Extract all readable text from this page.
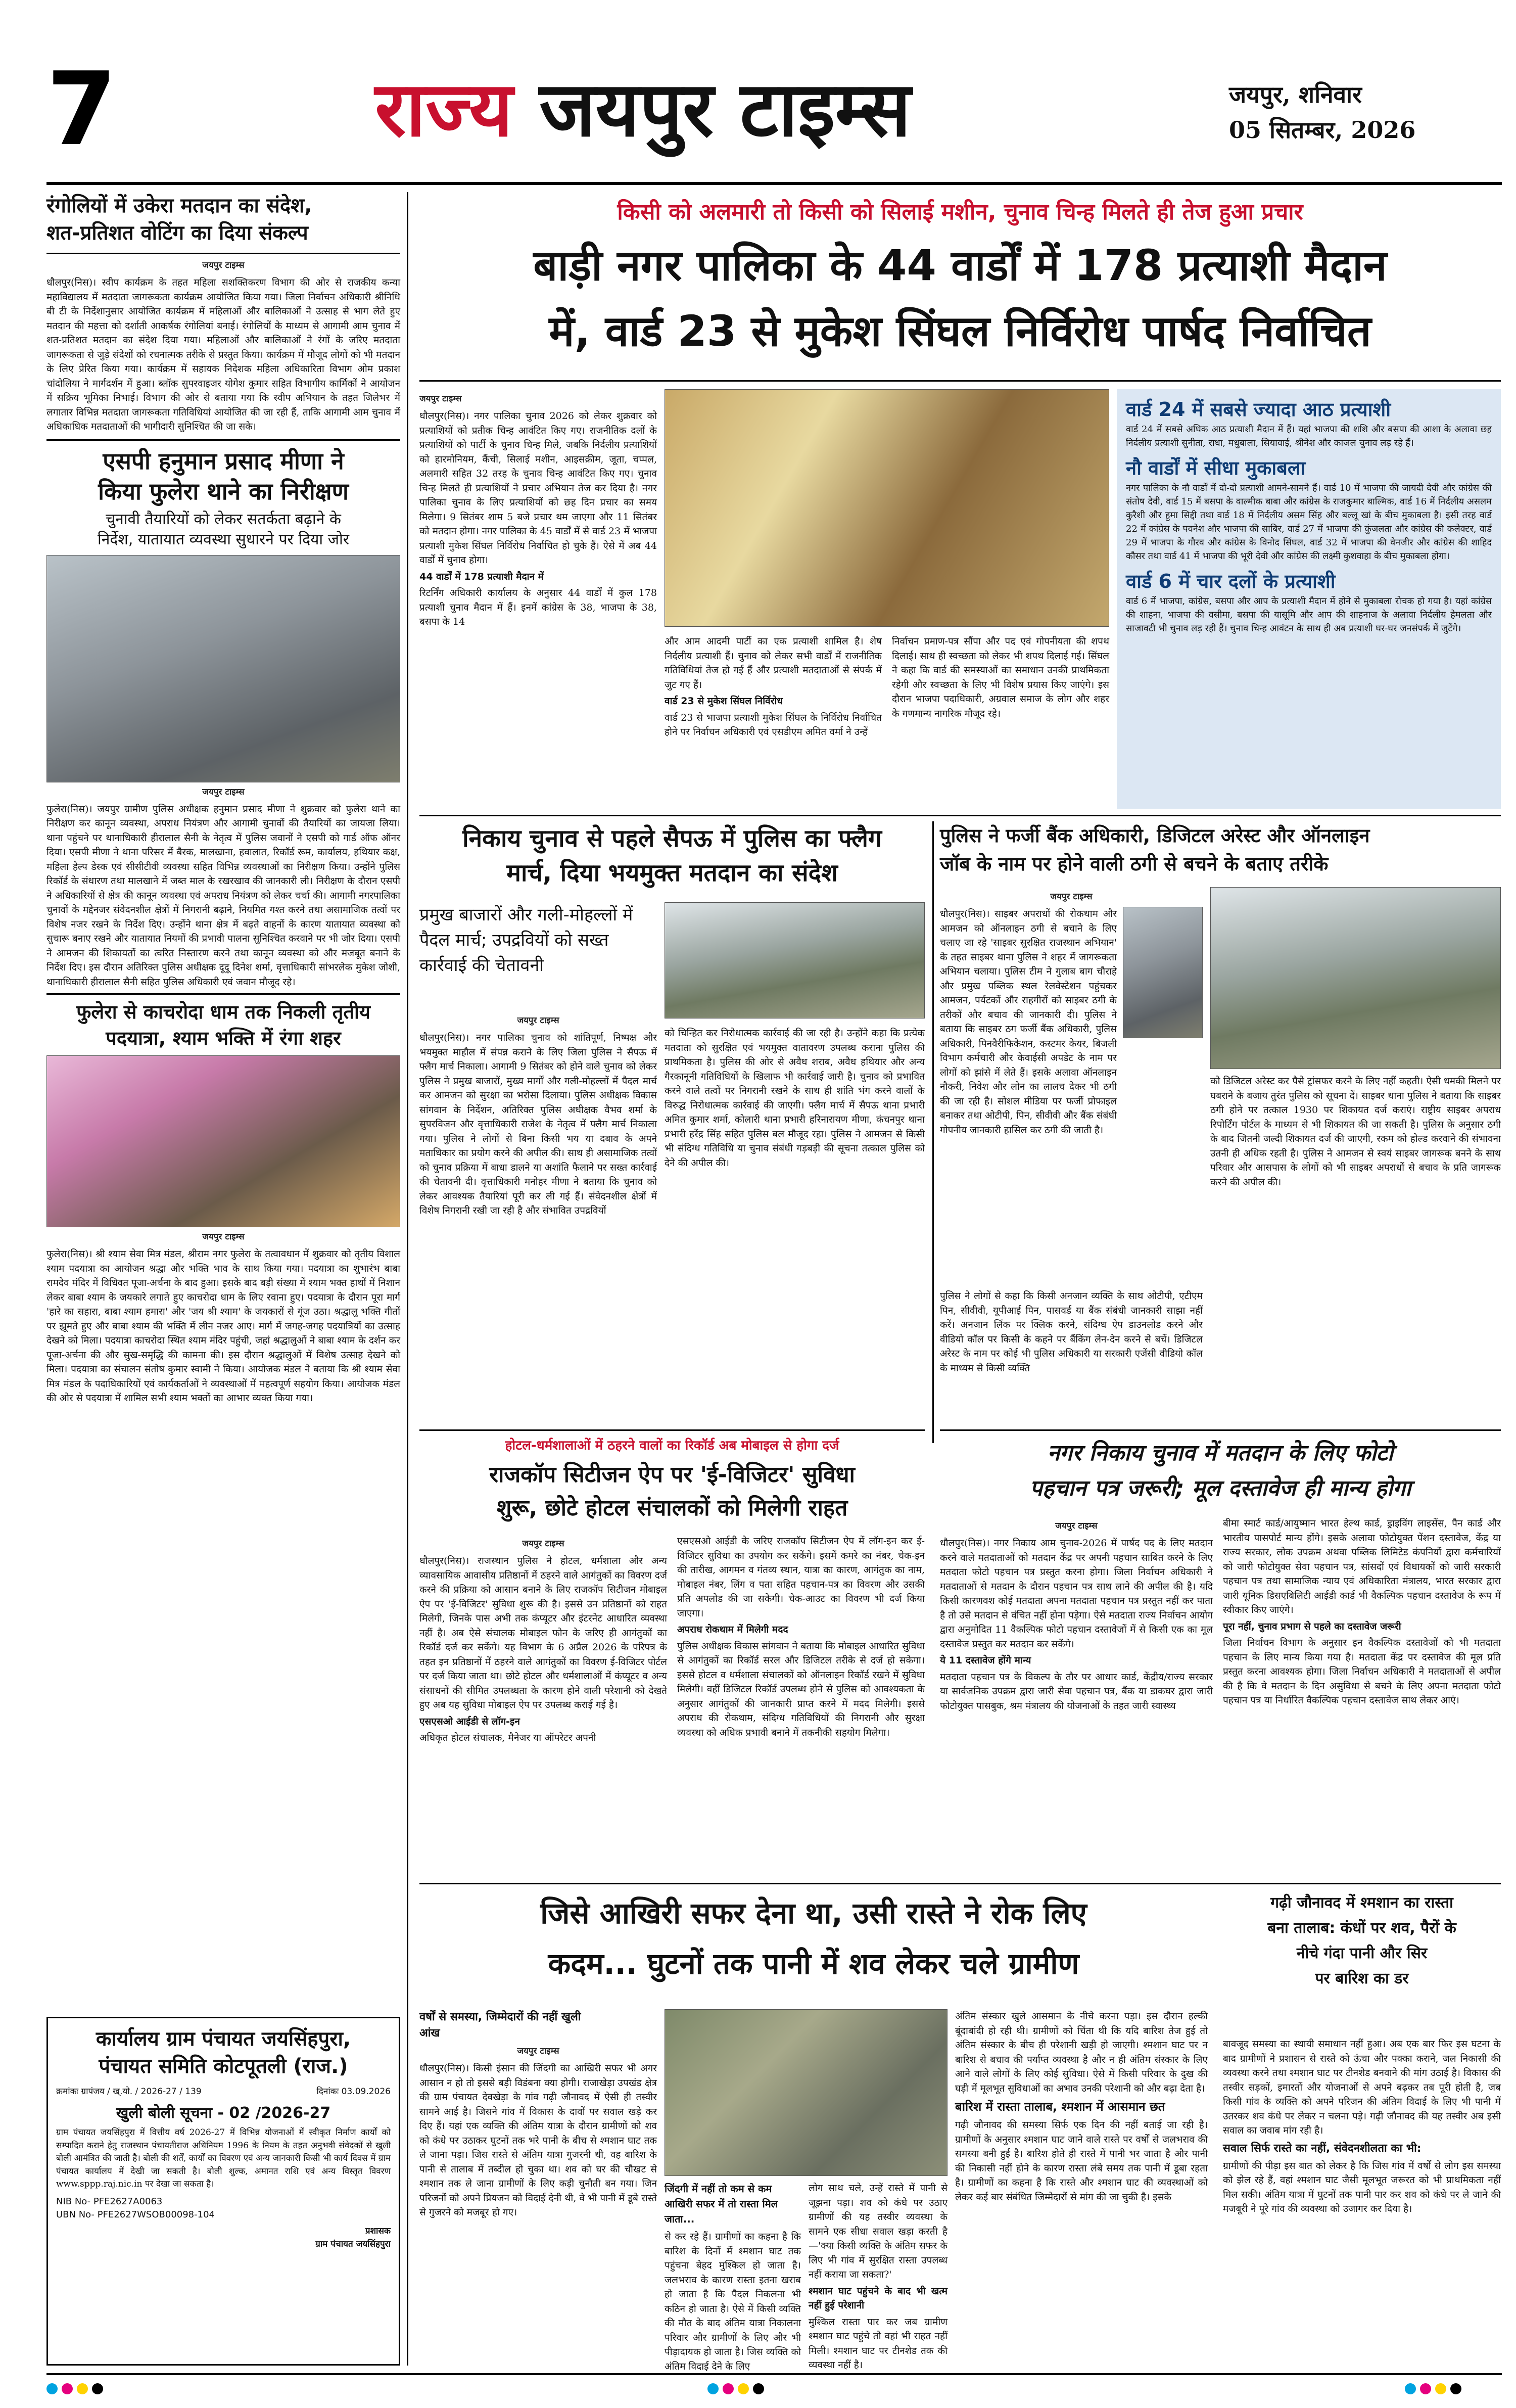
7	राज्य जयपुर टाइम्स	जयपुर, शनिवार
05 सितम्बर, 2026
रंगोलियों में उकेरा मतदान का संदेश,
शत-प्रतिशत वोटिंग का दिया संकल्प
जयपुर टाइम्स
धौलपुर(निस)। स्वीप कार्यक्रम के तहत महिला सशक्तिकरण विभाग की ओर से राजकीय कन्या महाविद्यालय में मतदाता जागरूकता कार्यक्रम आयोजित किया गया। जिला निर्वाचन अधिकारी श्रीनिधि बी टी के निर्देशानुसार आयोजित कार्यक्रम में महिलाओं और बालिकाओं ने उत्साह से भाग लेते हुए मतदान की महत्ता को दर्शाती आकर्षक रंगोलियां बनाई। रंगोलियों के माध्यम से आगामी आम चुनाव में शत-प्रतिशत मतदान का संदेश दिया गया। महिलाओं और बालिकाओं ने रंगों के जरिए मतदाता जागरूकता से जुड़े संदेशों को रचनात्मक तरीके से प्रस्तुत किया। कार्यक्रम में मौजूद लोगों को भी मतदान के लिए प्रेरित किया गया। कार्यक्रम में सहायक निदेशक महिला अधिकारिता विभाग ओम प्रकाश चांदोलिया ने मार्गदर्शन में हुआ। ब्लॉक सुपरवाइजर योगेश कुमार सहित विभागीय कार्मिकों ने आयोजन में सक्रिय भूमिका निभाई। विभाग की ओर से बताया गया कि स्वीप अभियान के तहत जिलेभर में लगातार विभिन्न मतदाता जागरूकता गतिविधियां आयोजित की जा रही हैं, ताकि आगामी आम चुनाव में अधिकाधिक मतदाताओं की भागीदारी सुनिश्चित की जा सके।
एसपी हनुमान प्रसाद मीणा ने
किया फुलेरा थाने का निरीक्षण
चुनावी तैयारियों को लेकर सतर्कता बढ़ाने के
निर्देश, यातायात व्यवस्था सुधारने पर दिया जोर
जयपुर टाइम्स
फुलेरा(निस)। जयपुर ग्रामीण पुलिस अधीक्षक हनुमान प्रसाद मीणा ने शुक्रवार को फुलेरा थाने का निरीक्षण कर कानून व्यवस्था, अपराध नियंत्रण और आगामी चुनावों की तैयारियों का जायजा लिया। थाना पहुंचने पर थानाधिकारी हीरालाल सैनी के नेतृत्व में पुलिस जवानों ने एसपी को गार्ड ऑफ ऑनर दिया। एसपी मीणा ने थाना परिसर में बैरक, मालखाना, हवालात, रिकॉर्ड रूम, कार्यालय, हथियार कक्ष, महिला हेल्प डेस्क एवं सीसीटीवी व्यवस्था सहित विभिन्न व्यवस्थाओं का निरीक्षण किया। उन्होंने पुलिस रिकॉर्ड के संधारण तथा मालखाने में जब्त माल के रखरखाव की जानकारी ली। निरीक्षण के दौरान एसपी ने अधिकारियों से क्षेत्र की कानून व्यवस्था एवं अपराध नियंत्रण को लेकर चर्चा की। आगामी नगरपालिका चुनावों के मद्देनजर संवेदनशील क्षेत्रों में निगरानी बढ़ाने, नियमित गश्त करने तथा असामाजिक तत्वों पर विशेष नजर रखने के निर्देश दिए। उन्होंने थाना क्षेत्र में बढ़ते वाहनों के कारण यातायात व्यवस्था को सुचारू बनाए रखने और यातायात नियमों की प्रभावी पालना सुनिश्चित करवाने पर भी जोर दिया। एसपी ने आमजन की शिकायतों का त्वरित निस्तारण करने तथा कानून व्यवस्था को और मजबूत बनाने के निर्देश दिए। इस दौरान अतिरिक्त पुलिस अधीक्षक दूदू दिनेश शर्मा, वृत्ताधिकारी सांभरलेक मुकेश जोशी, थानाधिकारी हीरालाल सैनी सहित पुलिस अधिकारी एवं जवान मौजूद रहे।
फुलेरा से काचरोदा धाम तक निकली तृतीय
पदयात्रा, श्याम भक्ति में रंगा शहर
जयपुर टाइम्स
फुलेरा(निस)। श्री श्याम सेवा मित्र मंडल, श्रीराम नगर फुलेरा के तत्वावधान में शुक्रवार को तृतीय विशाल श्याम पदयात्रा का आयोजन श्रद्धा और भक्ति भाव के साथ किया गया। पदयात्रा का शुभारंभ बाबा रामदेव मंदिर में विधिवत पूजा-अर्चना के बाद हुआ। इसके बाद बड़ी संख्या में श्याम भक्त हाथों में निशान लेकर बाबा श्याम के जयकारे लगाते हुए काचरोदा धाम के लिए रवाना हुए। पदयात्रा के दौरान पूरा मार्ग 'हारे का सहारा, बाबा श्याम हमारा' और 'जय श्री श्याम' के जयकारों से गूंज उठा। श्रद्धालु भक्ति गीतों पर झूमते हुए और बाबा श्याम की भक्ति में लीन नजर आए। मार्ग में जगह-जगह पदयात्रियों का उत्साह देखने को मिला। पदयात्रा काचरोदा स्थित श्याम मंदिर पहुंची, जहां श्रद्धालुओं ने बाबा श्याम के दर्शन कर पूजा-अर्चना की और सुख-समृद्धि की कामना की। इस दौरान श्रद्धालुओं में विशेष उत्साह देखने को मिला। पदयात्रा का संचालन संतोष कुमार स्वामी ने किया। आयोजक मंडल ने बताया कि श्री श्याम सेवा मित्र मंडल के पदाधिकारियों एवं कार्यकर्ताओं ने व्यवस्थाओं में महत्वपूर्ण सहयोग किया। आयोजक मंडल की ओर से पदयात्रा में शामिल सभी श्याम भक्तों का आभार व्यक्त किया गया।
कार्यालय ग्राम पंचायत जयसिंहपुरा,
पंचायत समिति कोटपूतली (राज.)
क्रमांकः ग्रापंजय / ख्.यो. / 2026-27 / 139	दिनांकः 03.09.2026
खुली बोली सूचना - 02 /2026-27
ग्राम पंचायत जयसिंहपुरा में वित्तीय वर्ष 2026-27 में विभिन्न योजनाओं में स्वीकृत निर्माण कार्यों को सम्पादित कराने हेतु राजस्थान पंचायतीराज अधिनियम 1996 के नियम के तहत अनुभवी संवेदकों से खुली बोली आमंत्रित की जाती है। बोली की शर्तें, कार्यों का विवरण एवं अन्य जानकारी किसी भी कार्य दिवस में ग्राम पंचायत कार्यालय में देखी जा सकती है। बोली शुल्क, अमानत राशि एवं अन्य विस्तृत विवरण www.sppp.raj.nic.in पर देखा जा सकता है।
NIB No- PFE2627A0063
UBN No- PFE2627WSOB00098-104
प्रशासक
ग्राम पंचायत जयसिंहपुरा
किसी को अलमारी तो किसी को सिलाई मशीन, चुनाव चिन्ह मिलते ही तेज हुआ प्रचार
बाड़ी नगर पालिका के 44 वार्डों में 178 प्रत्याशी मैदान
में, वार्ड 23 से मुकेश सिंघल निर्विरोध पार्षद निर्वाचित
जयपुर टाइम्स

धौलपुर(निस)। नगर पालिका चुनाव 2026 को लेकर शुक्रवार को प्रत्याशियों को प्रतीक चिन्ह आवंटित किए गए। राजनीतिक दलों के प्रत्याशियों को पार्टी के चुनाव चिन्ह मिले, जबकि निर्दलीय प्रत्याशियों को हारमोनियम, कैंची, सिलाई मशीन, आइसक्रीम, जूता, चप्पल, अलमारी सहित 32 तरह के चुनाव चिन्ह आवंटित किए गए। चुनाव चिन्ह मिलते ही प्रत्याशियों ने प्रचार अभियान तेज कर दिया है। नगर पालिका चुनाव के लिए प्रत्याशियों को छह दिन प्रचार का समय मिलेगा। 9 सितंबर शाम 5 बजे प्रचार थम जाएगा और 11 सितंबर को मतदान होगा। नगर पालिका के 45 वार्डों में से वार्ड 23 में भाजपा प्रत्याशी मुकेश सिंघल निर्विरोध निर्वाचित हो चुके हैं। ऐसे में अब 44 वार्डों में चुनाव होगा।

44 वार्डों में 178 प्रत्याशी मैदान में

रिटर्निंग अधिकारी कार्यालय के अनुसार 44 वार्डों में कुल 178 प्रत्याशी चुनाव मैदान में हैं। इनमें कांग्रेस के 38, भाजपा के 38, बसपा के 14

और आम आदमी पार्टी का एक प्रत्याशी शामिल है। शेष निर्दलीय प्रत्याशी हैं। चुनाव को लेकर सभी वार्डों में राजनीतिक गतिविधियां तेज हो गई हैं और प्रत्याशी मतदाताओं से संपर्क में जुट गए हैं।

वार्ड 23 से मुकेश सिंघल निर्विरोध

वार्ड 23 से भाजपा प्रत्याशी मुकेश सिंघल के निर्विरोध निर्वाचित होने पर निर्वाचन अधिकारी एवं एसडीएम अमित वर्मा ने उन्हें

निर्वाचन प्रमाण-पत्र सौंपा और पद एवं गोपनीयता की शपथ दिलाई। साथ ही स्वच्छता को लेकर भी शपथ दिलाई गई। सिंघल ने कहा कि वार्ड की समस्याओं का समाधान उनकी प्राथमिकता रहेगी और स्वच्छता के लिए भी विशेष प्रयास किए जाएंगे। इस दौरान भाजपा पदाधिकारी, अग्रवाल समाज के लोग और शहर के गणमान्य नागरिक मौजूद रहे।

वार्ड 24 में सबसे ज्यादा आठ प्रत्याशी
वार्ड 24 में सबसे अधिक आठ प्रत्याशी मैदान में हैं। यहां भाजपा की शशि और बसपा की आशा के अलावा छह निर्दलीय प्रत्याशी सुनीता, राधा, मधुबाला, सियावाई, श्रीनेश और काजल चुनाव लड़ रहे हैं।
नौ वार्डों में सीधा मुकाबला
नगर पालिका के नौ वार्डों में दो-दो प्रत्याशी आमने-सामने हैं। वार्ड 10 में भाजपा की जायदी देवी और कांग्रेस की संतोष देवी, वार्ड 15 में बसपा के वाल्मीक बाबा और कांग्रेस के राजकुमार बाल्मिक, वार्ड 16 में निर्दलीय असलम कुरैशी और हुमा सिद्दी तथा वार्ड 18 में निर्दलीय असम सिंह और बल्लू खां के बीच मुकाबला है। इसी तरह वार्ड 22 में कांग्रेस के पवनेश और भाजपा की साबिर, वार्ड 27 में भाजपा की कुंजलता और कांग्रेस की कलेक्टर, वार्ड 29 में भाजपा के गौरव और कांग्रेस के विनोद सिंघल, वार्ड 32 में भाजपा की वेनजीर और कांग्रेस की शाहिद कौसर तथा वार्ड 41 में भाजपा की भूरी देवी और कांग्रेस की लक्ष्मी कुशवाहा के बीच मुकाबला होगा।
वार्ड 6 में चार दलों के प्रत्याशी
वार्ड 6 में भाजपा, कांग्रेस, बसपा और आप के प्रत्याशी मैदान में होने से मुकाबला रोचक हो गया है। यहां कांग्रेस की शाहना, भाजपा की वसीमा, बसपा की यासूमि और आप की शाहनाज के अलावा निर्दलीय हेमलता और साजावटी भी चुनाव लड़ रही हैं। चुनाव चिन्ह आवंटन के साथ ही अब प्रत्याशी घर-घर जनसंपर्क में जुटेंगे।
निकाय चुनाव से पहले सैपऊ में पुलिस का फ्लैग
मार्च, दिया भयमुक्त मतदान का संदेश
प्रमुख बाजारों और गली-मोहल्लों में
पैदल मार्च; उपद्रवियों को सख्त
कार्रवाई की चेतावनी
जयपुर टाइम्स
धौलपुर(निस)। नगर पालिका चुनाव को शांतिपूर्ण, निष्पक्ष और भयमुक्त माहौल में संपन्न कराने के लिए जिला पुलिस ने सैपऊ में फ्लैग मार्च निकाला। आगामी 9 सितंबर को होने वाले चुनाव को लेकर पुलिस ने प्रमुख बाजारों, मुख्य मार्गों और गली-मोहल्लों में पैदल मार्च कर आमजन को सुरक्षा का भरोसा दिलाया। पुलिस अधीक्षक विकास सांगवान के निर्देशन, अतिरिक्त पुलिस अधीक्षक वैभव शर्मा के सुपरविजन और वृत्ताधिकारी राजेश के नेतृत्व में फ्लैग मार्च निकाला गया। पुलिस ने लोगों से बिना किसी भय या दबाव के अपने मताधिकार का प्रयोग करने की अपील की। साथ ही असामाजिक तत्वों को चुनाव प्रक्रिया में बाधा डालने या अशांति फैलाने पर सख्त कार्रवाई की चेतावनी दी। वृत्ताधिकारी मनोहर मीणा ने बताया कि चुनाव को लेकर आवश्यक तैयारियां पूरी कर ली गई हैं। संवेदनशील क्षेत्रों में विशेष निगरानी रखी जा रही है और संभावित उपद्रवियों
को चिन्हित कर निरोधात्मक कार्रवाई की जा रही है। उन्होंने कहा कि प्रत्येक मतदाता को सुरक्षित एवं भयमुक्त वातावरण उपलब्ध कराना पुलिस की प्राथमिकता है। पुलिस की ओर से अवैध शराब, अवैध हथियार और अन्य गैरकानूनी गतिविधियों के खिलाफ भी कार्रवाई जारी है। चुनाव को प्रभावित करने वाले तत्वों पर निगरानी रखने के साथ ही शांति भंग करने वालों के विरुद्ध निरोधात्मक कार्रवाई की जाएगी। फ्लैग मार्च में सैपऊ थाना प्रभारी अमित कुमार शर्मा, कोलारी थाना प्रभारी हरिनारायण मीणा, कंचनपुर थाना प्रभारी हरेंद्र सिंह सहित पुलिस बल मौजूद रहा। पुलिस ने आमजन से किसी भी संदिग्ध गतिविधि या चुनाव संबंधी गड़बड़ी की सूचना तत्काल पुलिस को देने की अपील की।
पुलिस ने फर्जी बैंक अधिकारी, डिजिटल अरेस्ट और ऑनलाइन
जॉब के नाम पर होने वाली ठगी से बचने के बताए तरीके
जयपुर टाइम्स
धौलपुर(निस)। साइबर अपराधों की रोकथाम और आमजन को ऑनलाइन ठगी से बचाने के लिए चलाए जा रहे 'साइबर सुरक्षित राजस्थान अभियान' के तहत साइबर थाना पुलिस ने शहर में जागरूकता अभियान चलाया। पुलिस टीम ने गुलाब बाग चौराहे और प्रमुख पब्लिक स्थल रेलवेस्टेशन पहुंचकर आमजन, पर्यटकों और राहगीरों को साइबर ठगी के तरीकों और बचाव की जानकारी दी। पुलिस ने बताया कि साइबर ठग फर्जी बैंक अधिकारी, पुलिस अधिकारी, पिनवैरीफिकेशन, कस्टमर केयर, बिजली विभाग कर्मचारी और केवाईसी अपडेट के नाम पर लोगों को झांसे में लेते हैं। इसके अलावा ऑनलाइन नौकरी, निवेश और लोन का लालच देकर भी ठगी की जा रही है। सोशल मीडिया पर फर्जी प्रोफाइल बनाकर तथा ओटीपी, पिन, सीवीवी और बैंक संबंधी गोपनीय जानकारी हासिल कर ठगी की जाती है।
को डिजिटल अरेस्ट कर पैसे ट्रांसफर करने के लिए नहीं कहती। ऐसी धमकी मिलने पर घबराने के बजाय तुरंत पुलिस को सूचना दें। साइबर थाना पुलिस ने बताया कि साइबर ठगी होने पर तत्काल 1930 पर शिकायत दर्ज कराएं। राष्ट्रीय साइबर अपराध रिपोर्टिंग पोर्टल के माध्यम से भी शिकायत की जा सकती है। पुलिस के अनुसार ठगी के बाद जितनी जल्दी शिकायत दर्ज की जाएगी, रकम को होल्ड करवाने की संभावना उतनी ही अधिक रहती है। पुलिस ने आमजन से स्वयं साइबर जागरूक बनने के साथ परिवार और आसपास के लोगों को भी साइबर अपराधों से बचाव के प्रति जागरूक करने की अपील की।
पुलिस ने लोगों से कहा कि किसी अनजान व्यक्ति के साथ ओटीपी, एटीएम पिन, सीवीवी, यूपीआई पिन, पासवर्ड या बैंक संबंधी जानकारी साझा नहीं करें। अनजान लिंक पर क्लिक करने, संदिग्ध ऐप डाउनलोड करने और वीडियो कॉल पर किसी के कहने पर बैंकिंग लेन-देन करने से बचें। डिजिटल अरेस्ट के नाम पर कोई भी पुलिस अधिकारी या सरकारी एजेंसी वीडियो कॉल के माध्यम से किसी व्यक्ति
होटल-धर्मशालाओं में ठहरने वालों का रिकॉर्ड अब मोबाइल से होगा दर्ज
राजकॉप सिटीजन ऐप पर 'ई-विजिटर' सुविधा
शुरू, छोटे होटल संचालकों को मिलेगी राहत
जयपुर टाइम्स

धौलपुर(निस)। राजस्थान पुलिस ने होटल, धर्मशाला और अन्य व्यावसायिक आवासीय प्रतिष्ठानों में ठहरने वाले आगंतुकों का विवरण दर्ज करने की प्रक्रिया को आसान बनाने के लिए राजकॉप सिटीजन मोबाइल ऐप पर 'ई-विजिटर' सुविधा शुरू की है। इससे उन प्रतिष्ठानों को राहत मिलेगी, जिनके पास अभी तक कंप्यूटर और इंटरनेट आधारित व्यवस्था नहीं है। अब ऐसे संचालक मोबाइल फोन के जरिए ही आगंतुकों का रिकॉर्ड दर्ज कर सकेंगे। यह विभाग के 6 अप्रैल 2026 के परिपत्र के तहत इन प्रतिष्ठानों में ठहरने वाले आगंतुकों का विवरण ई-विजिटर पोर्टल पर दर्ज किया जाता था। छोटे होटल और धर्मशालाओं में कंप्यूटर व अन्य संसाधनों की सीमित उपलब्धता के कारण होने वाली परेशानी को देखते हुए अब यह सुविधा मोबाइल ऐप पर उपलब्ध कराई गई है।

एसएसओ आईडी से लॉग-इन

अधिकृत होटल संचालक, मैनेजर या ऑपरेटर अपनी

एसएसओ आईडी के जरिए राजकॉप सिटीजन ऐप में लॉग-इन कर ई-विजिटर सुविधा का उपयोग कर सकेंगे। इसमें कमरे का नंबर, चेक-इन की तारीख, आगमन व गंतव्य स्थान, यात्रा का कारण, आगंतुक का नाम, मोबाइल नंबर, लिंग व पता सहित पहचान-पत्र का विवरण और उसकी प्रति अपलोड की जा सकेगी। चेक-आउट का विवरण भी दर्ज किया जाएगा।

अपराध रोकथाम में मिलेगी मदद

पुलिस अधीक्षक विकास सांगवान ने बताया कि मोबाइल आधारित सुविधा से आगंतुकों का रिकॉर्ड सरल और डिजिटल तरीके से दर्ज हो सकेगा। इससे होटल व धर्मशाला संचालकों को ऑनलाइन रिकॉर्ड रखने में सुविधा मिलेगी। वहीं डिजिटल रिकॉर्ड उपलब्ध होने से पुलिस को आवश्यकता के अनुसार आगंतुकों की जानकारी प्राप्त करने में मदद मिलेगी। इससे अपराध की रोकथाम, संदिग्ध गतिविधियों की निगरानी और सुरक्षा व्यवस्था को अधिक प्रभावी बनाने में तकनीकी सहयोग मिलेगा।

नगर निकाय चुनाव में मतदान के लिए फोटो
पहचान पत्र जरूरी; मूल दस्तावेज ही मान्य होगा
जयपुर टाइम्स

धौलपुर(निस)। नगर निकाय आम चुनाव-2026 में पार्षद पद के लिए मतदान करने वाले मतदाताओं को मतदान केंद्र पर अपनी पहचान साबित करने के लिए मतदाता फोटो पहचान पत्र प्रस्तुत करना होगा। जिला निर्वाचन अधिकारी ने मतदाताओं से मतदान के दौरान पहचान पत्र साथ लाने की अपील की है। यदि किसी कारणवश कोई मतदाता अपना मतदाता पहचान पत्र प्रस्तुत नहीं कर पाता है तो उसे मतदान से वंचित नहीं होना पड़ेगा। ऐसे मतदाता राज्य निर्वाचन आयोग द्वारा अनुमोदित 11 वैकल्पिक फोटो पहचान दस्तावेजों में से किसी एक का मूल दस्तावेज प्रस्तुत कर मतदान कर सकेंगे।

ये 11 दस्तावेज होंगे मान्य

मतदाता पहचान पत्र के विकल्प के तौर पर आधार कार्ड, केंद्रीय/राज्य सरकार या सार्वजनिक उपक्रम द्वारा जारी सेवा पहचान पत्र, बैंक या डाकघर द्वारा जारी फोटोयुक्त पासबुक, श्रम मंत्रालय की योजनाओं के तहत जारी स्वास्थ्य

बीमा स्मार्ट कार्ड/आयुष्मान भारत हेल्थ कार्ड, ड्राइविंग लाइसेंस, पैन कार्ड और भारतीय पासपोर्ट मान्य होंगे। इसके अलावा फोटोयुक्त पेंशन दस्तावेज, केंद्र या राज्य सरकार, लोक उपक्रम अथवा पब्लिक लिमिटेड कंपनियों द्वारा कर्मचारियों को जारी फोटोयुक्त सेवा पहचान पत्र, सांसदों एवं विधायकों को जारी सरकारी पहचान पत्र तथा सामाजिक न्याय एवं अधिकारिता मंत्रालय, भारत सरकार द्वारा जारी यूनिक डिसएबिलिटी आईडी कार्ड भी वैकल्पिक पहचान दस्तावेज के रूप में स्वीकार किए जाएंगे।

पूरा नहीं, चुनाव प्रभाग से पहले का दस्तावेज जरूरी

जिला निर्वाचन विभाग के अनुसार इन वैकल्पिक दस्तावेजों को भी मतदाता पहचान के लिए मान्य किया गया है। मतदाता केंद्र पर दस्तावेज की मूल प्रति प्रस्तुत करना आवश्यक होगा। जिला निर्वाचन अधिकारी ने मतदाताओं से अपील की है कि वे मतदान के दिन असुविधा से बचने के लिए अपना मतदाता फोटो पहचान पत्र या निर्धारित वैकल्पिक पहचान दस्तावेज साथ लेकर आएं।

जिसे आखिरी सफर देना था, उसी रास्ते ने रोक लिए
कदम... घुटनों तक पानी में शव लेकर चले ग्रामीण
गढ़ी जौनावद में श्मशान का रास्ता
बना तालाब: कंधों पर शव, पैरों के
नीचे गंदा पानी और सिर
पर बारिश का डर
वर्षों से समस्या, जिम्मेदारों की नहीं खुली
आंख
जयपुर टाइम्स
धौलपुर(निस)। किसी इंसान की जिंदगी का आखिरी सफर भी अगर आसान न हो तो इससे बड़ी विडंबना क्या होगी। राजाखेड़ा उपखंड क्षेत्र की ग्राम पंचायत देवखेड़ा के गांव गढ़ी जौनावद में ऐसी ही तस्वीर सामने आई है। जिसने गांव में विकास के दावों पर सवाल खड़े कर दिए हैं। यहां एक व्यक्ति की अंतिम यात्रा के दौरान ग्रामीणों को शव को कंधे पर उठाकर घुटनों तक भरे पानी के बीच से श्मशान घाट तक ले जाना पड़ा। जिस रास्ते से अंतिम यात्रा गुजरनी थी, वह बारिश के पानी से तालाब में तब्दील हो चुका था। शव को घर की चौखट से श्मशान तक ले जाना ग्रामीणों के लिए कड़ी चुनौती बन गया। जिन परिजनों को अपने प्रियजन को विदाई देनी थी, वे भी पानी में डूबे रास्ते से गुजरने को मजबूर हो गए।
जिंदगी में नहीं तो कम से कम आखिरी सफर में तो रास्ता मिल जाता...
से कर रहे हैं। ग्रामीणों का कहना है कि बारिश के दिनों में श्मशान घाट तक पहुंचना बेहद मुश्किल हो जाता है। जलभराव के कारण रास्ता इतना खराब हो जाता है कि पैदल निकलना भी कठिन हो जाता है। ऐसे में किसी व्यक्ति की मौत के बाद अंतिम यात्रा निकालना परिवार और ग्रामीणों के लिए और भी पीड़ादायक हो जाता है। जिस व्यक्ति को अंतिम विदाई देने के लिए

लोग साथ चले, उन्हें रास्ते में पानी से जूझना पड़ा। शव को कंधे पर उठाए ग्रामीणों की यह तस्वीर व्यवस्था के सामने एक सीधा सवाल खड़ा करती है—'क्या किसी व्यक्ति के अंतिम सफर के लिए भी गांव में सुरक्षित रास्ता उपलब्ध नहीं कराया जा सकता?'

श्मशान घाट पहुंचने के बाद भी खत्म नहीं हुई परेशानी

मुश्किल रास्ता पार कर जब ग्रामीण श्मशान घाट पहुंचे तो वहां भी राहत नहीं मिली। श्मशान घाट पर टीनशेड तक की व्यवस्था नहीं है।

अंतिम संस्कार खुले आसमान के नीचे करना पड़ा। इस दौरान हल्की बूंदाबांदी हो रही थी। ग्रामीणों को चिंता थी कि यदि बारिश तेज हुई तो अंतिम संस्कार के बीच ही परेशानी खड़ी हो जाएगी। श्मशान घाट पर न बारिश से बचाव की पर्याप्त व्यवस्था है और न ही अंतिम संस्कार के लिए आने वाले लोगों के लिए कोई सुविधा। ऐसे में किसी परिवार के दुख की घड़ी में मूलभूत सुविधाओं का अभाव उनकी परेशानी को और बढ़ा देता है।

बारिश में रास्ता तालाब, श्मशान में आसमान छत

गढ़ी जौनावद की समस्या सिर्फ एक दिन की नहीं बताई जा रही है। ग्रामीणों के अनुसार श्मशान घाट जाने वाले रास्ते पर वर्षों से जलभराव की समस्या बनी हुई है। बारिश होते ही रास्ते में पानी भर जाता है और पानी की निकासी नहीं होने के कारण रास्ता लंबे समय तक पानी में डूबा रहता है। ग्रामीणों का कहना है कि रास्ते और श्मशान घाट की व्यवस्थाओं को लेकर कई बार संबंधित जिम्मेदारों से मांग की जा चुकी है। इसके

बावजूद समस्या का स्थायी समाधान नहीं हुआ। अब एक बार फिर इस घटना के बाद ग्रामीणों ने प्रशासन से रास्ते को ऊंचा और पक्का कराने, जल निकासी की व्यवस्था करने तथा श्मशान घाट पर टीनशेड बनवाने की मांग उठाई है। विकास की तस्वीर सड़कों, इमारतों और योजनाओं से अपने बढ़कर तब पूरी होती है, जब किसी गांव के व्यक्ति को अपने परिजन की अंतिम विदाई के लिए भी पानी में उतरकर शव कंधे पर लेकर न चलना पड़े। गढ़ी जौनावद की यह तस्वीर अब इसी सवाल का जवाब मांग रही है।

सवाल सिर्फ रास्ते का नहीं, संवेदनशीलता का भी:

ग्रामीणों की पीड़ा इस बात को लेकर है कि जिस गांव में वर्षों से लोग इस समस्या को झेल रहे हैं, वहां श्मशान घाट जैसी मूलभूत जरूरत को भी प्राथमिकता नहीं मिल सकी। अंतिम यात्रा में घुटनों तक पानी पार कर शव को कंधे पर ले जाने की मजबूरी ने पूरे गांव की व्यवस्था को उजागर कर दिया है।
